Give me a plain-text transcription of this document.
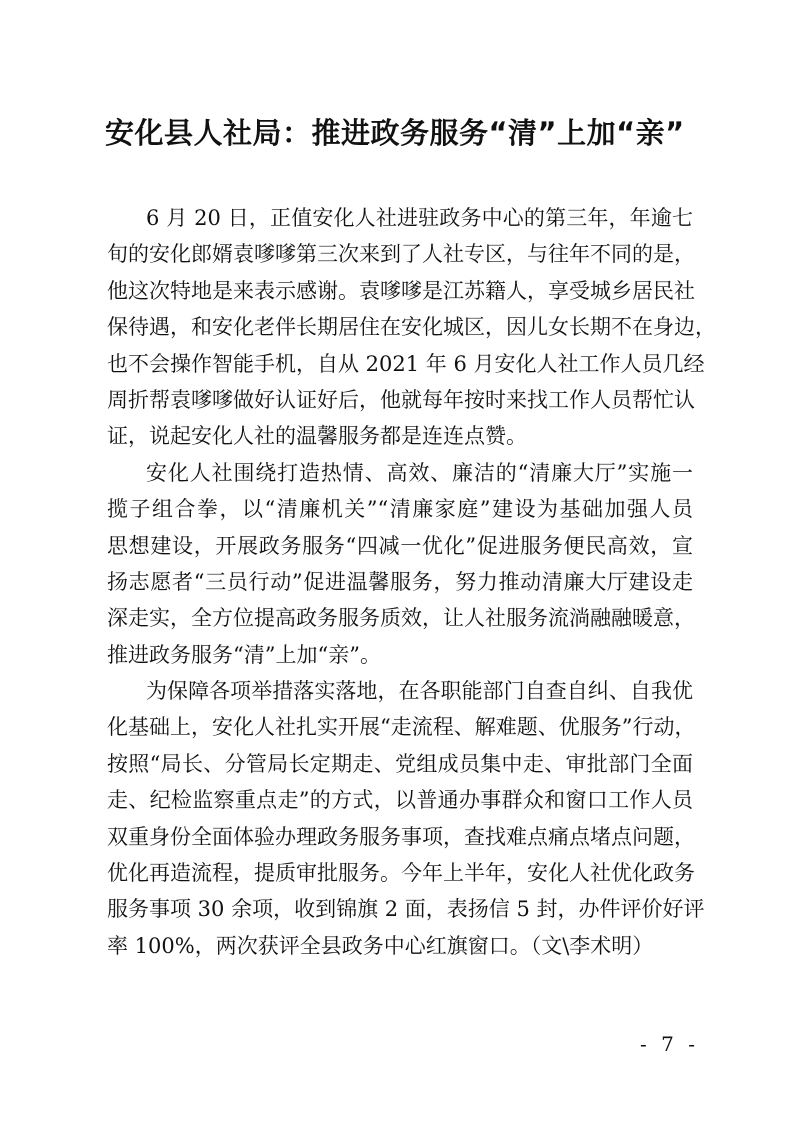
安化县人社局：推进政务服务“清”上加“亲”
6 月 20 日，正值安化人社进驻政务中心的第三年，年逾七
旬的安化郎婿袁嗲嗲第三次来到了人社专区，与往年不同的是，
他这次特地是来表示感谢。袁嗲嗲是江苏籍人，享受城乡居民社
保待遇，和安化老伴长期居住在安化城区，因儿女长期不在身边，
也不会操作智能手机，自从 2021 年 6 月安化人社工作人员几经
周折帮袁嗲嗲做好认证好后，他就每年按时来找工作人员帮忙认
证，说起安化人社的温馨服务都是连连点赞。
安化人社围绕打造热情、高效、廉洁的“清廉大厅”实施一
揽子组合拳，以“清廉机关”“清廉家庭”建设为基础加强人员
思想建设，开展政务服务“四减一优化”促进服务便民高效，宣
扬志愿者“三员行动”促进温馨服务，努力推动清廉大厅建设走
深走实，全方位提高政务服务质效，让人社服务流淌融融暖意，
推进政务服务“清”上加“亲”。
为保障各项举措落实落地，在各职能部门自查自纠、自我优
化基础上，安化人社扎实开展“走流程、解难题、优服务”行动，
按照“局长、分管局长定期走、党组成员集中走、审批部门全面
走、纪检监察重点走”的方式，以普通办事群众和窗口工作人员
双重身份全面体验办理政务服务事项，查找难点痛点堵点问题，
优化再造流程，提质审批服务。今年上半年，安化人社优化政务
服务事项 30 余项，收到锦旗 2 面，表扬信 5 封，办件评价好评
率 100%，两次获评全县政务中心红旗窗口。（文\李术明）
- 7 -
